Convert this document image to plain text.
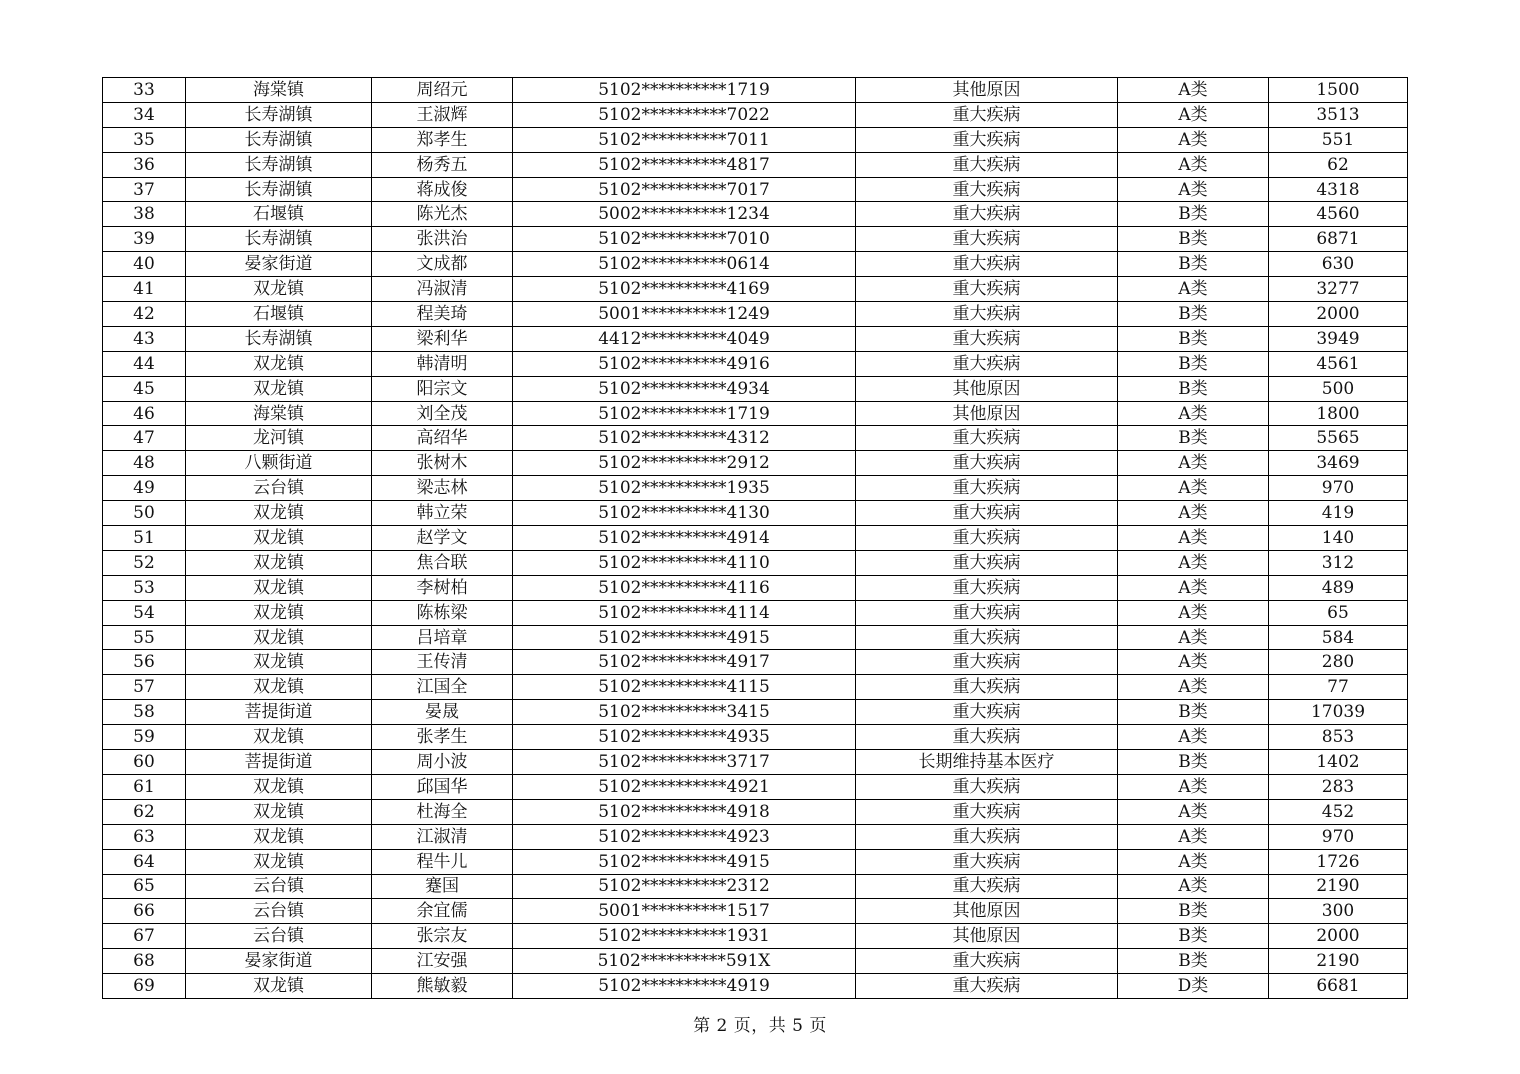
33	海棠镇	周绍元	5102**********1719	其他原因	A类	1500
34	长寿湖镇	王淑辉	5102**********7022	重大疾病	A类	3513
35	长寿湖镇	郑孝生	5102**********7011	重大疾病	A类	551
36	长寿湖镇	杨秀五	5102**********4817	重大疾病	A类	62
37	长寿湖镇	蒋成俊	5102**********7017	重大疾病	A类	4318
38	石堰镇	陈光杰	5002**********1234	重大疾病	B类	4560
39	长寿湖镇	张洪治	5102**********7010	重大疾病	B类	6871
40	晏家街道	文成都	5102**********0614	重大疾病	B类	630
41	双龙镇	冯淑清	5102**********4169	重大疾病	A类	3277
42	石堰镇	程美琦	5001**********1249	重大疾病	B类	2000
43	长寿湖镇	梁利华	4412**********4049	重大疾病	B类	3949
44	双龙镇	韩清明	5102**********4916	重大疾病	B类	4561
45	双龙镇	阳宗文	5102**********4934	其他原因	B类	500
46	海棠镇	刘全茂	5102**********1719	其他原因	A类	1800
47	龙河镇	高绍华	5102**********4312	重大疾病	B类	5565
48	八颗街道	张树木	5102**********2912	重大疾病	A类	3469
49	云台镇	梁志林	5102**********1935	重大疾病	A类	970
50	双龙镇	韩立荣	5102**********4130	重大疾病	A类	419
51	双龙镇	赵学文	5102**********4914	重大疾病	A类	140
52	双龙镇	焦合联	5102**********4110	重大疾病	A类	312
53	双龙镇	李树柏	5102**********4116	重大疾病	A类	489
54	双龙镇	陈栋梁	5102**********4114	重大疾病	A类	65
55	双龙镇	吕培章	5102**********4915	重大疾病	A类	584
56	双龙镇	王传清	5102**********4917	重大疾病	A类	280
57	双龙镇	江国全	5102**********4115	重大疾病	A类	77
58	菩提街道	晏晟	5102**********3415	重大疾病	B类	17039
59	双龙镇	张孝生	5102**********4935	重大疾病	A类	853
60	菩提街道	周小波	5102**********3717	长期维持基本医疗	B类	1402
61	双龙镇	邱国华	5102**********4921	重大疾病	A类	283
62	双龙镇	杜海全	5102**********4918	重大疾病	A类	452
63	双龙镇	江淑清	5102**********4923	重大疾病	A类	970
64	双龙镇	程牛儿	5102**********4915	重大疾病	A类	1726
65	云台镇	蹇国	5102**********2312	重大疾病	A类	2190
66	云台镇	余宜儒	5001**********1517	其他原因	B类	300
67	云台镇	张宗友	5102**********1931	其他原因	B类	2000
68	晏家街道	江安强	5102**********591X	重大疾病	B类	2190
69	双龙镇	熊敏毅	5102**********4919	重大疾病	D类	6681
第 2 页，共 5 页
